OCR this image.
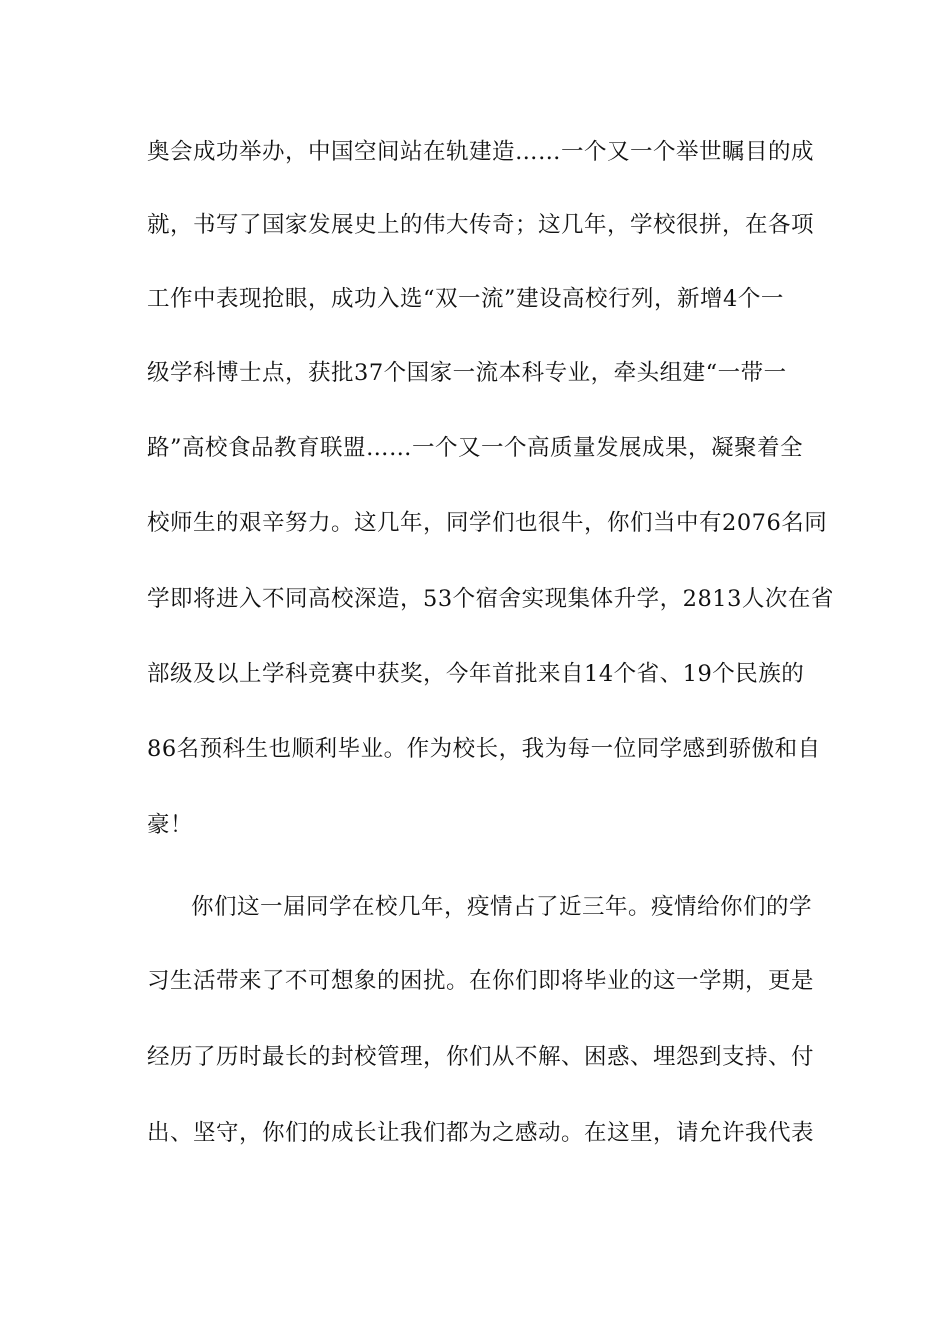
奥会成功举办，中国空间站在轨建造……一个又一个举世瞩目的成
就，书写了国家发展史上的伟大传奇；这几年，学校很拼，在各项
工作中表现抢眼，成功入选“双一流”建设高校行列，新增4个一
级学科博士点，获批37个国家一流本科专业，牵头组建“一带一
路”高校食品教育联盟……一个又一个高质量发展成果，凝聚着全
校师生的艰辛努力。这几年，同学们也很牛，你们当中有2076名同
学即将进入不同高校深造，53个宿舍实现集体升学，2813人次在省
部级及以上学科竞赛中获奖，今年首批来自14个省、19个民族的
86名预科生也顺利毕业。作为校长，我为每一位同学感到骄傲和自
豪！
你们这一届同学在校几年，疫情占了近三年。疫情给你们的学
习生活带来了不可想象的困扰。在你们即将毕业的这一学期，更是
经历了历时最长的封校管理，你们从不解、困惑、埋怨到支持、付
出、坚守，你们的成长让我们都为之感动。在这里，请允许我代表
